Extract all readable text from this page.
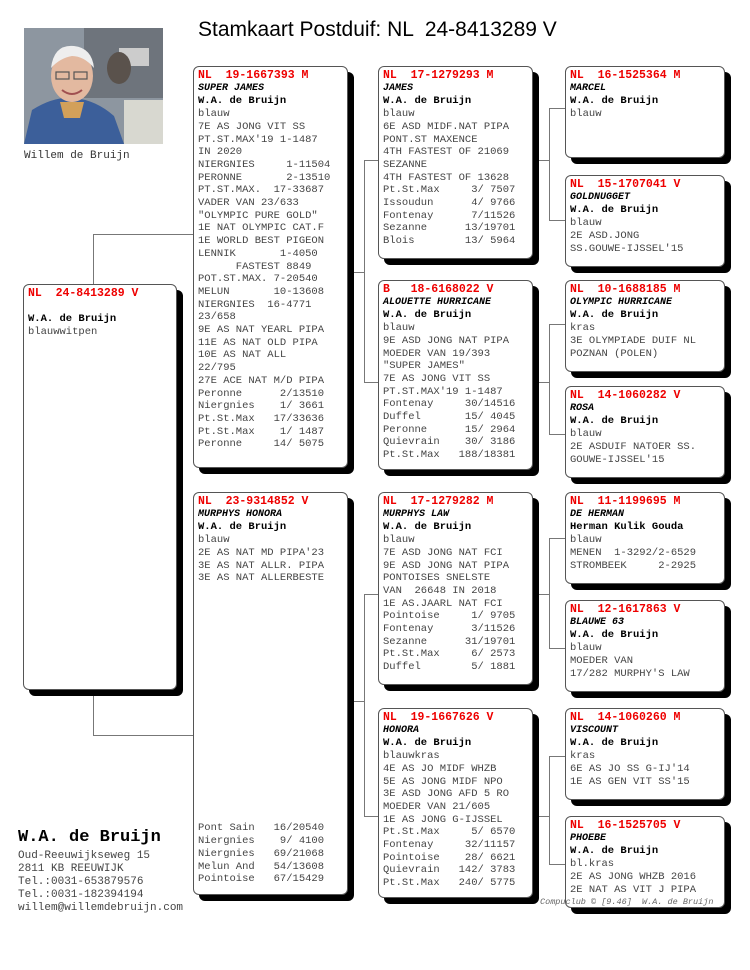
Stamkaart Postduif: NL  24-8413289 V
Willem de Bruijn
NL  24-8413289 V
W.A. de Bruijn
blauwwitpen
NL  19-1667393 M
SUPER JAMES
W.A. de Bruijn
blauw
7E AS JONG VIT SS
PT.ST.MAX'19 1-1487
IN 2020
NIERGNIES     1-11504
PERONNE       2-13510
PT.ST.MAX.  17-33687
VADER VAN 23/633
"OLYMPIC PURE GOLD"
1E NAT OLYMPIC CAT.F
1E WORLD BEST PIGEON
LENNIK       1-4050
FASTEST 8849
POT.ST.MAX. 7-20540
MELUN       10-13608
NIERGNIES  16-4771
23/658
9E AS NAT YEARL PIPA
11E AS NAT OLD PIPA
10E AS NAT ALL
22/795
27E ACE NAT M/D PIPA
Peronne      2/13510
Niergnies    1/ 3661
Pt.St.Max   17/33636
Pt.St.Max    1/ 1487
Peronne     14/ 5075
NL  23-9314852 V
MURPHYS HONORA
W.A. de Bruijn
blauw
2E AS NAT MD PIPA'23
3E AS NAT ALLR. PIPA
3E AS NAT ALLERBESTE
Pont Sain   16/20540
Niergnies    9/ 4100
Niergnies   69/21068
Melun And   54/13608
Pointoise   67/15429
NL  17-1279293 M
JAMES
W.A. de Bruijn
blauw
6E ASD MIDF.NAT PIPA
PONT.ST MAXENCE
4TH FASTEST OF 21069
SEZANNE
4TH FASTEST OF 13628
Pt.St.Max     3/ 7507
Issoudun      4/ 9766
Fontenay      7/11526
Sezanne      13/19701
Blois        13/ 5964
B   18-6168022 V
ALOUETTE HURRICANE
W.A. de Bruijn
blauw
9E ASD JONG NAT PIPA
MOEDER VAN 19/393
"SUPER JAMES"
7E AS JONG VIT SS
PT.ST.MAX'19 1-1487
Fontenay     30/14516
Duffel       15/ 4045
Peronne      15/ 2964
Quievrain    30/ 3186
Pt.St.Max   188/18381
NL  17-1279282 M
MURPHYS LAW
W.A. de Bruijn
blauw
7E ASD JONG NAT FCI
9E ASD JONG NAT PIPA
PONTOISES SNELSTE
VAN  26648 IN 2018
1E AS.JAARL NAT FCI
Pointoise     1/ 9705
Fontenay      3/11526
Sezanne      31/19701
Pt.St.Max     6/ 2573
Duffel        5/ 1881
NL  19-1667626 V
HONORA
W.A. de Bruijn
blauwkras
4E AS JO MIDF WHZB
5E AS JONG MIDF NPO
3E ASD JONG AFD 5 RO
MOEDER VAN 21/605
1E AS JONG G-IJSSEL
Pt.St.Max     5/ 6570
Fontenay     32/11157
Pointoise    28/ 6621
Quievrain   142/ 3783
Pt.St.Max   240/ 5775
NL  16-1525364 M
MARCEL
W.A. de Bruijn
blauw
NL  15-1707041 V
GOLDNUGGET
W.A. de Bruijn
blauw
2E ASD.JONG
SS.GOUWE-IJSSEL'15
NL  10-1688185 M
OLYMPIC HURRICANE
W.A. de Bruijn
kras
3E OLYMPIADE DUIF NL
POZNAN (POLEN)
NL  14-1060282 V
ROSA
W.A. de Bruijn
blauw
2E ASDUIF NATOER SS.
GOUWE-IJSSEL'15
NL  11-1199695 M
DE HERMAN
Herman Kulik Gouda
blauw
MENEN  1-3292/2-6529
STROMBEEK     2-2925
NL  12-1617863 V
BLAUWE 63
W.A. de Bruijn
blauw
MOEDER VAN
17/282 MURPHY'S LAW
NL  14-1060260 M
VISCOUNT
W.A. de Bruijn
kras
6E AS JO SS G-IJ'14
1E AS GEN VIT SS'15
NL  16-1525705 V
PHOEBE
W.A. de Bruijn
bl.kras
2E AS JONG WHZB 2016
2E NAT AS VIT J PIPA
W.A. de Bruijn
Oud-Reeuwijkseweg 15
2811 KB REEUWIJK
Tel.:0031-653879576
Tel.:0031-182394194
willem@willemdebruijn.com	Compuclub © [9.46]  W.A. de Bruijn
